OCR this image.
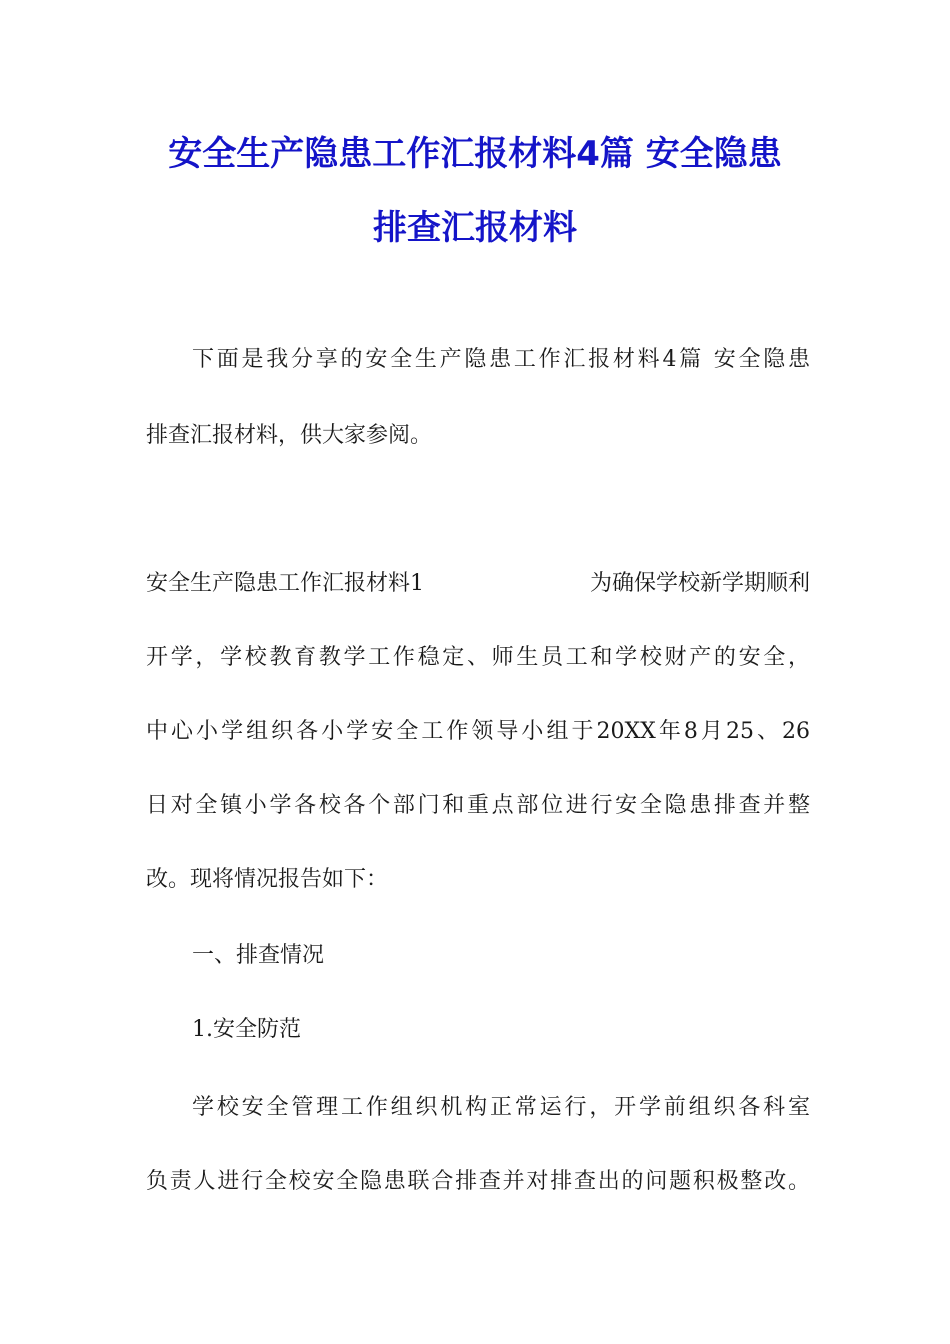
安全生产隐患工作汇报材料4篇 安全隐患
排查汇报材料
下面是我分享的安全生产隐患工作汇报材料4篇 安全隐患
排查汇报材料，供大家参阅。
安全生产隐患工作汇报材料1	为确保学校新学期顺利
开学，学校教育教学工作稳定、师生员工和学校财产的安全，
中心小学组织各小学安全工作领导小组于20XX年8月25、26
日对全镇小学各校各个部门和重点部位进行安全隐患排查并整
改。现将情况报告如下：
一、排查情况
1.安全防范
学校安全管理工作组织机构正常运行，开学前组织各科室
负责人进行全校安全隐患联合排查并对排查出的问题积极整改。
